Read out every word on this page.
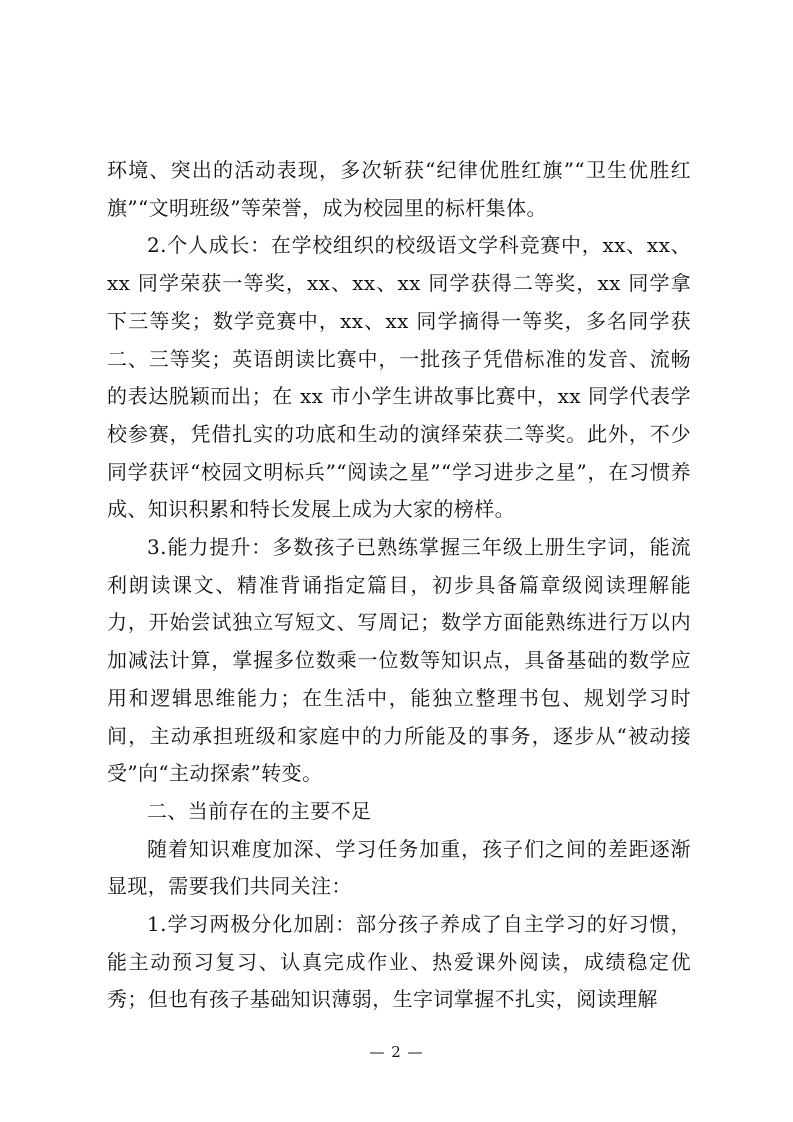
环境、突出的活动表现，多次斩获“纪律优胜红旗”“卫生优胜红旗”“文明班级”等荣誉，成为校园里的标杆集体。

2.个人成长：在学校组织的校级语文学科竞赛中，xx、xx、xx 同学荣获一等奖，xx、xx、xx 同学获得二等奖，xx 同学拿下三等奖；数学竞赛中，xx、xx 同学摘得一等奖，多名同学获二、三等奖；英语朗读比赛中，一批孩子凭借标准的发音、流畅的表达脱颖而出；在 xx 市小学生讲故事比赛中，xx 同学代表学校参赛，凭借扎实的功底和生动的演绎荣获二等奖。此外，不少同学获评“校园文明标兵”“阅读之星”“学习进步之星”，在习惯养成、知识积累和特长发展上成为大家的榜样。

3.能力提升：多数孩子已熟练掌握三年级上册生字词，能流利朗读课文、精准背诵指定篇目，初步具备篇章级阅读理解能力，开始尝试独立写短文、写周记；数学方面能熟练进行万以内加减法计算，掌握多位数乘一位数等知识点，具备基础的数学应用和逻辑思维能力；在生活中，能独立整理书包、规划学习时间，主动承担班级和家庭中的力所能及的事务，逐步从“被动接受”向“主动探索”转变。

二、当前存在的主要不足

随着知识难度加深、学习任务加重，孩子们之间的差距逐渐显现，需要我们共同关注：

1.学习两极分化加剧：部分孩子养成了自主学习的好习惯，能主动预习复习、认真完成作业、热爱课外阅读，成绩稳定优秀；但也有孩子基础知识薄弱，生字词掌握不扎实，阅读理解

— 2 —
